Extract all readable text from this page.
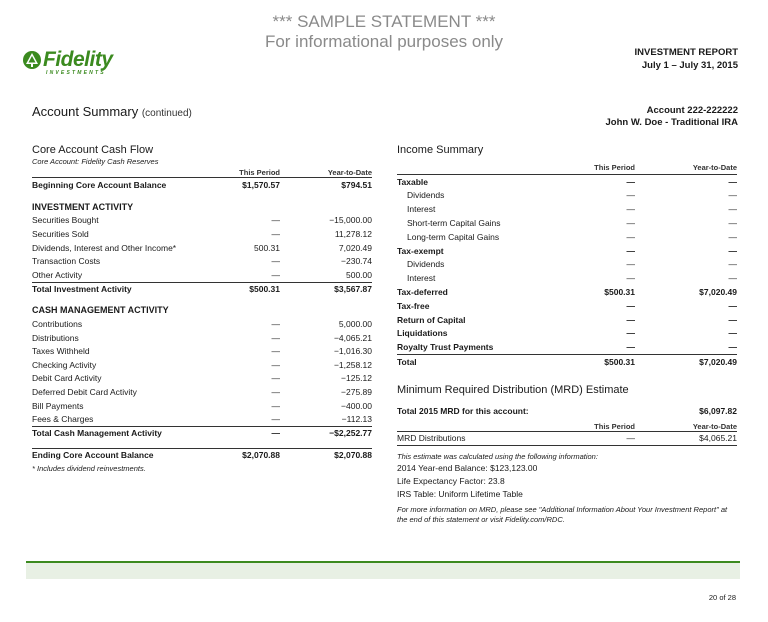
*** SAMPLE STATEMENT ***
For informational purposes only
Fidelity
INVESTMENTS
INVESTMENT REPORT
July 1 – July 31, 2015
Account Summary (continued)	Account 222-222222
John W. Doe - Traditional IRA
Core Account Cash Flow
Core Account: Fidelity Cash Reserves
This Period	Year-to-Date
Beginning Core Account Balance	$1,570.57	$794.51
INVESTMENT ACTIVITY
Securities Bought	—	−15,000.00
Securities Sold	—	11,278.12
Dividends, Interest and Other Income*	500.31	7,020.49
Transaction Costs	—	−230.74
Other Activity	—	500.00
Total Investment Activity	$500.31	$3,567.87
CASH MANAGEMENT ACTIVITY
Contributions	—	5,000.00
Distributions	—	−4,065.21
Taxes Withheld	—	−1,016.30
Checking Activity	—	−1,258.12
Debit Card Activity	—	−125.12
Deferred Debit Card Activity	—	−275.89
Bill Payments	—	−400.00
Fees & Charges	—	−112.13
Total Cash Management Activity	—	−$2,252.77
Ending Core Account Balance	$2,070.88	$2,070.88
* Includes dividend reinvestments.
Income Summary
This Period	Year-to-Date
Taxable	—	—
Dividends	—	—
Interest	—	—
Short-term Capital Gains	—	—
Long-term Capital Gains	—	—
Tax-exempt	—	—
Dividends	—	—
Interest	—	—
Tax-deferred	$500.31	$7,020.49
Tax-free	—	—
Return of Capital	—	—
Liquidations	—	—
Royalty Trust Payments	—	—
Total	$500.31	$7,020.49
Minimum Required Distribution (MRD) Estimate
Total 2015 MRD for this account:	$6,097.82
This Period	Year-to-Date
MRD Distributions	—	$4,065.21
This estimate was calculated using the following information:
2014 Year-end Balance: $123,123.00
Life Expectancy Factor: 23.8
IRS Table: Uniform Lifetime Table
For more information on MRD, please see "Additional Information About Your Investment Report" at the end of this statement or visit Fidelity.com/RDC.
20 of 28
